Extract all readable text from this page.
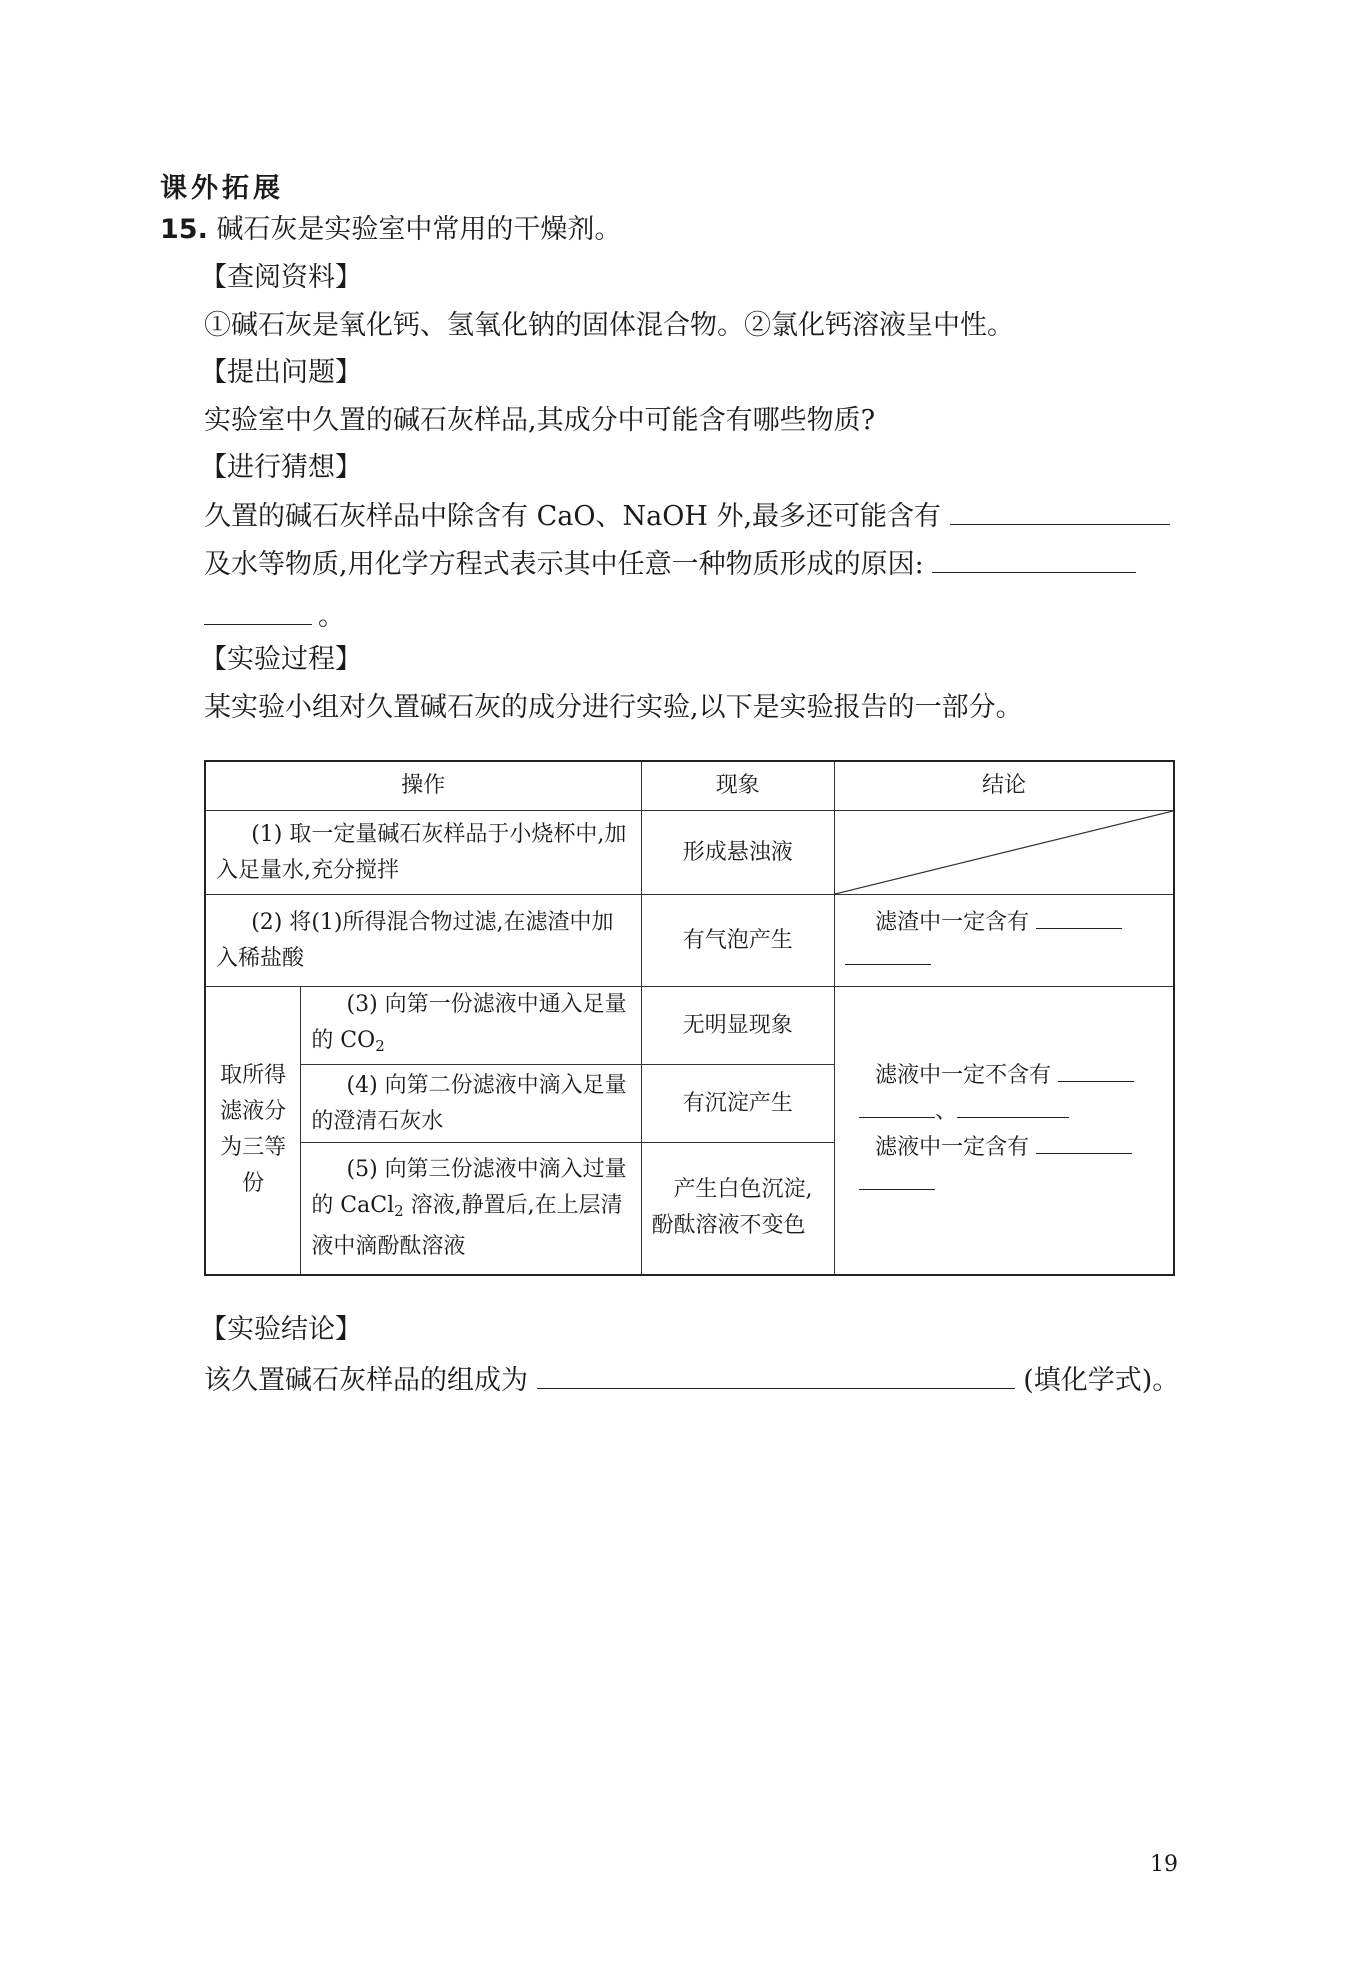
课外拓展
15. 碱石灰是实验室中常用的干燥剂。
【查阅资料】
①碱石灰是氧化钙、氢氧化钠的固体混合物。②氯化钙溶液呈中性。
【提出问题】
实验室中久置的碱石灰样品,其成分中可能含有哪些物质?
【进行猜想】
久置的碱石灰样品中除含有 CaO、NaOH 外,最多还可能含有
及水等物质,用化学方程式表示其中任意一种物质形成的原因:
。
【实验过程】
某实验小组对久置碱石灰的成分进行实验,以下是实验报告的一部分。
操作		现象	结论
(1) 取一定量碱石灰样品于小烧杯中,加入足量水,充分搅拌		形成悬浊液	

(2) 将(1)所得混合物过滤,在滤渣中加入稀盐酸		有气泡产生	滤渣中一定含有

取所得滤液分为三等份	(3) 向第一份滤液中通入足量的 $CO_2$	无明显现象	滤液中一定不含有
、
滤液中一定含有

	(4) 向第二份滤液中滴入足量的澄清石灰水	有沉淀产生	
	(5) 向第三份滤液中滴入过量的 CaCl$_2$ 溶液,静置后,在上层清液中滴酚酞溶液	产生白色沉淀,酚酞溶液不变色	
【实验结论】
该久置碱石灰样品的组成为	(填化学式)。
19
